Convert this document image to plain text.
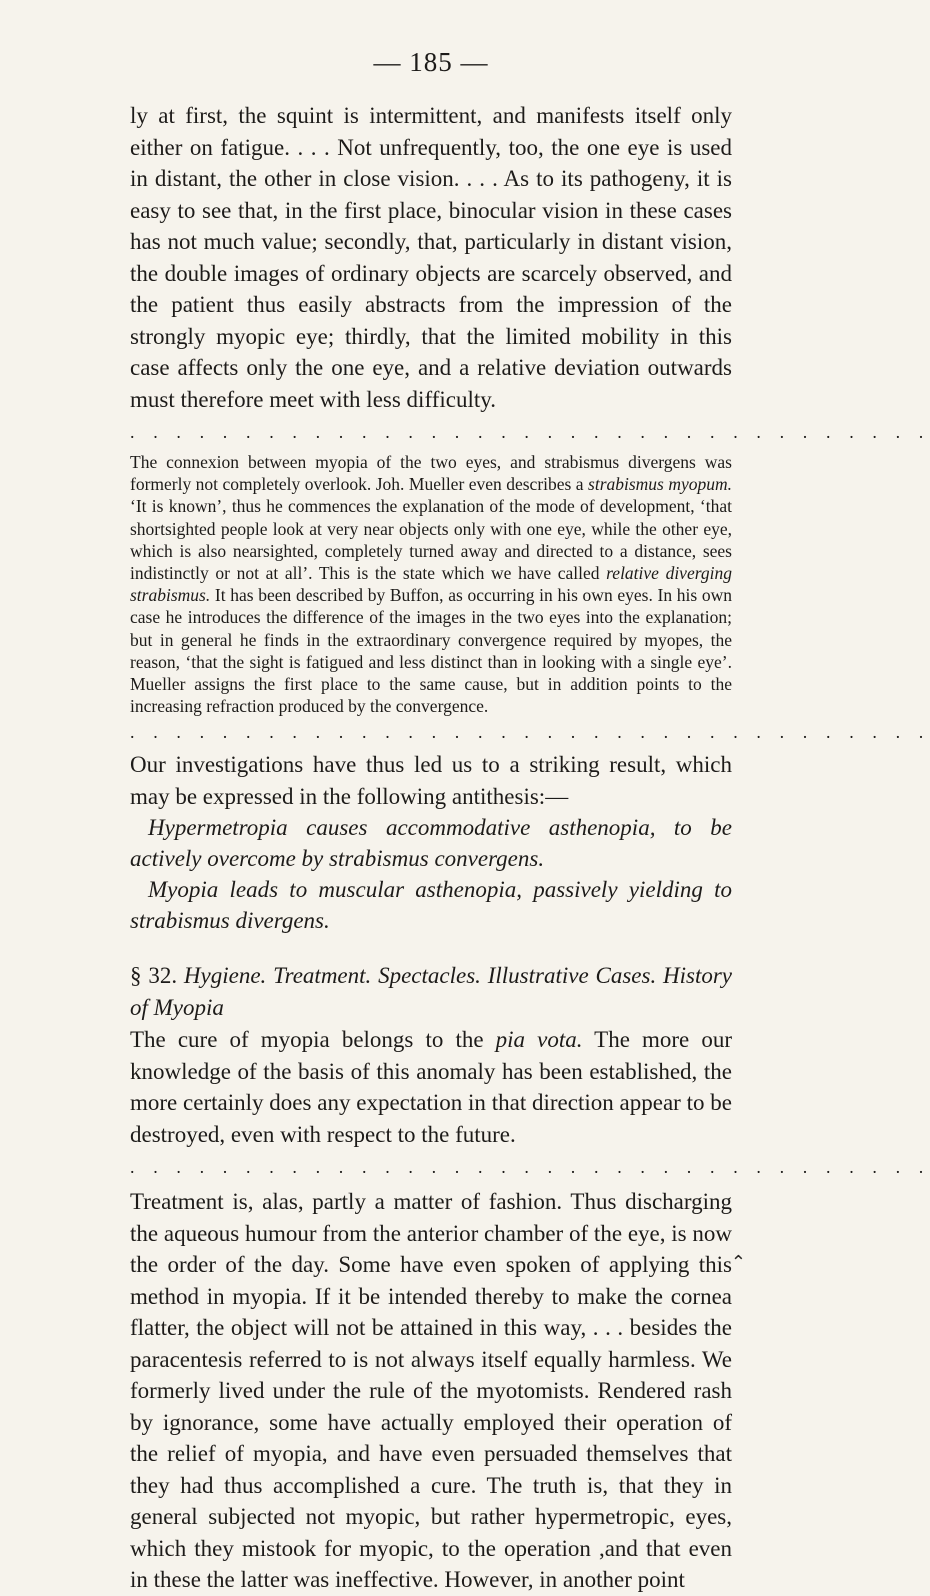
— 185 —

ly at first, the squint is intermittent, and manifests itself only either on fatigue. . . . Not unfrequently, too, the one eye is used in distant, the other in close vision. . . . As to its pathogeny, it is easy to see that, in the first place, binocular vision in these cases has not much value; secondly, that, particularly in distant vision, the double images of ordinary objects are scarcely observed, and the patient thus easily abstracts from the impression of the strongly myopic eye; thirdly, that the limited mobility in this case affects only the one eye, and a relative deviation outwards must therefore meet with less difficulty.

. . . . . . . . . . . . . . . . . . . . . . . . . . . . . . . . . . .

The connexion between myopia of the two eyes, and strabismus divergens was formerly not completely overlook. Joh. Mueller even describes a strabismus myopum. ‘It is known’, thus he commences the explanation of the mode of development, ‘that shortsighted people look at very near objects only with one eye, while the other eye, which is also nearsighted, completely turned away and directed to a distance, sees indistinctly or not at all’. This is the state which we have called relative diverging strabismus. It has been described by Buffon, as occurring in his own eyes. In his own case he introduces the difference of the images in the two eyes into the explanation; but in general he finds in the extraordinary convergence required by myopes, the reason, ‘that the sight is fatigued and less distinct than in looking with a single eye’. Mueller assigns the first place to the same cause, but in addition points to the increasing refraction produced by the convergence.

. . . . . . . . . . . . . . . . . . . . . . . . . . . . . . . . . . .

Our investigations have thus led us to a striking result, which may be expressed in the following antithesis:—

Hypermetropia causes accommodative asthenopia, to be actively overcome by strabismus convergens.

Myopia leads to muscular asthenopia, passively yielding to strabismus divergens.

§ 32. Hygiene. Treatment. Spectacles. Illustrative Cases. History of Myopia

The cure of myopia belongs to the pia vota. The more our knowledge of the basis of this anomaly has been established, the more certainly does any expectation in that direction appear to be destroyed, even with respect to the future.

. . . . . . . . . . . . . . . . . . . . . . . . . . . . . . . . . . .

Treatment is, alas, partly a matter of fashion. Thus discharging the aqueous humour from the anterior chamber of the eye, is now the order of the day. Some have even spoken of applying this method in myopia. If it be intended thereby to make the cornea flatter, the object will not be attained in this way, . . . besides the paracentesis referred to is not always itself equally harmless. We formerly lived under the rule of the myotomists. Rendered rash by ignorance, some have actually employed their operation of the relief of myopia, and have even persuaded themselves that they had thus accomplished a cure. The truth is, that they in general subjected not myopic, but rather hypermetropic, eyes, which they mistook for myopic, to the operation ,and that even in these the latter was ineffective. However, in another point

⌃
